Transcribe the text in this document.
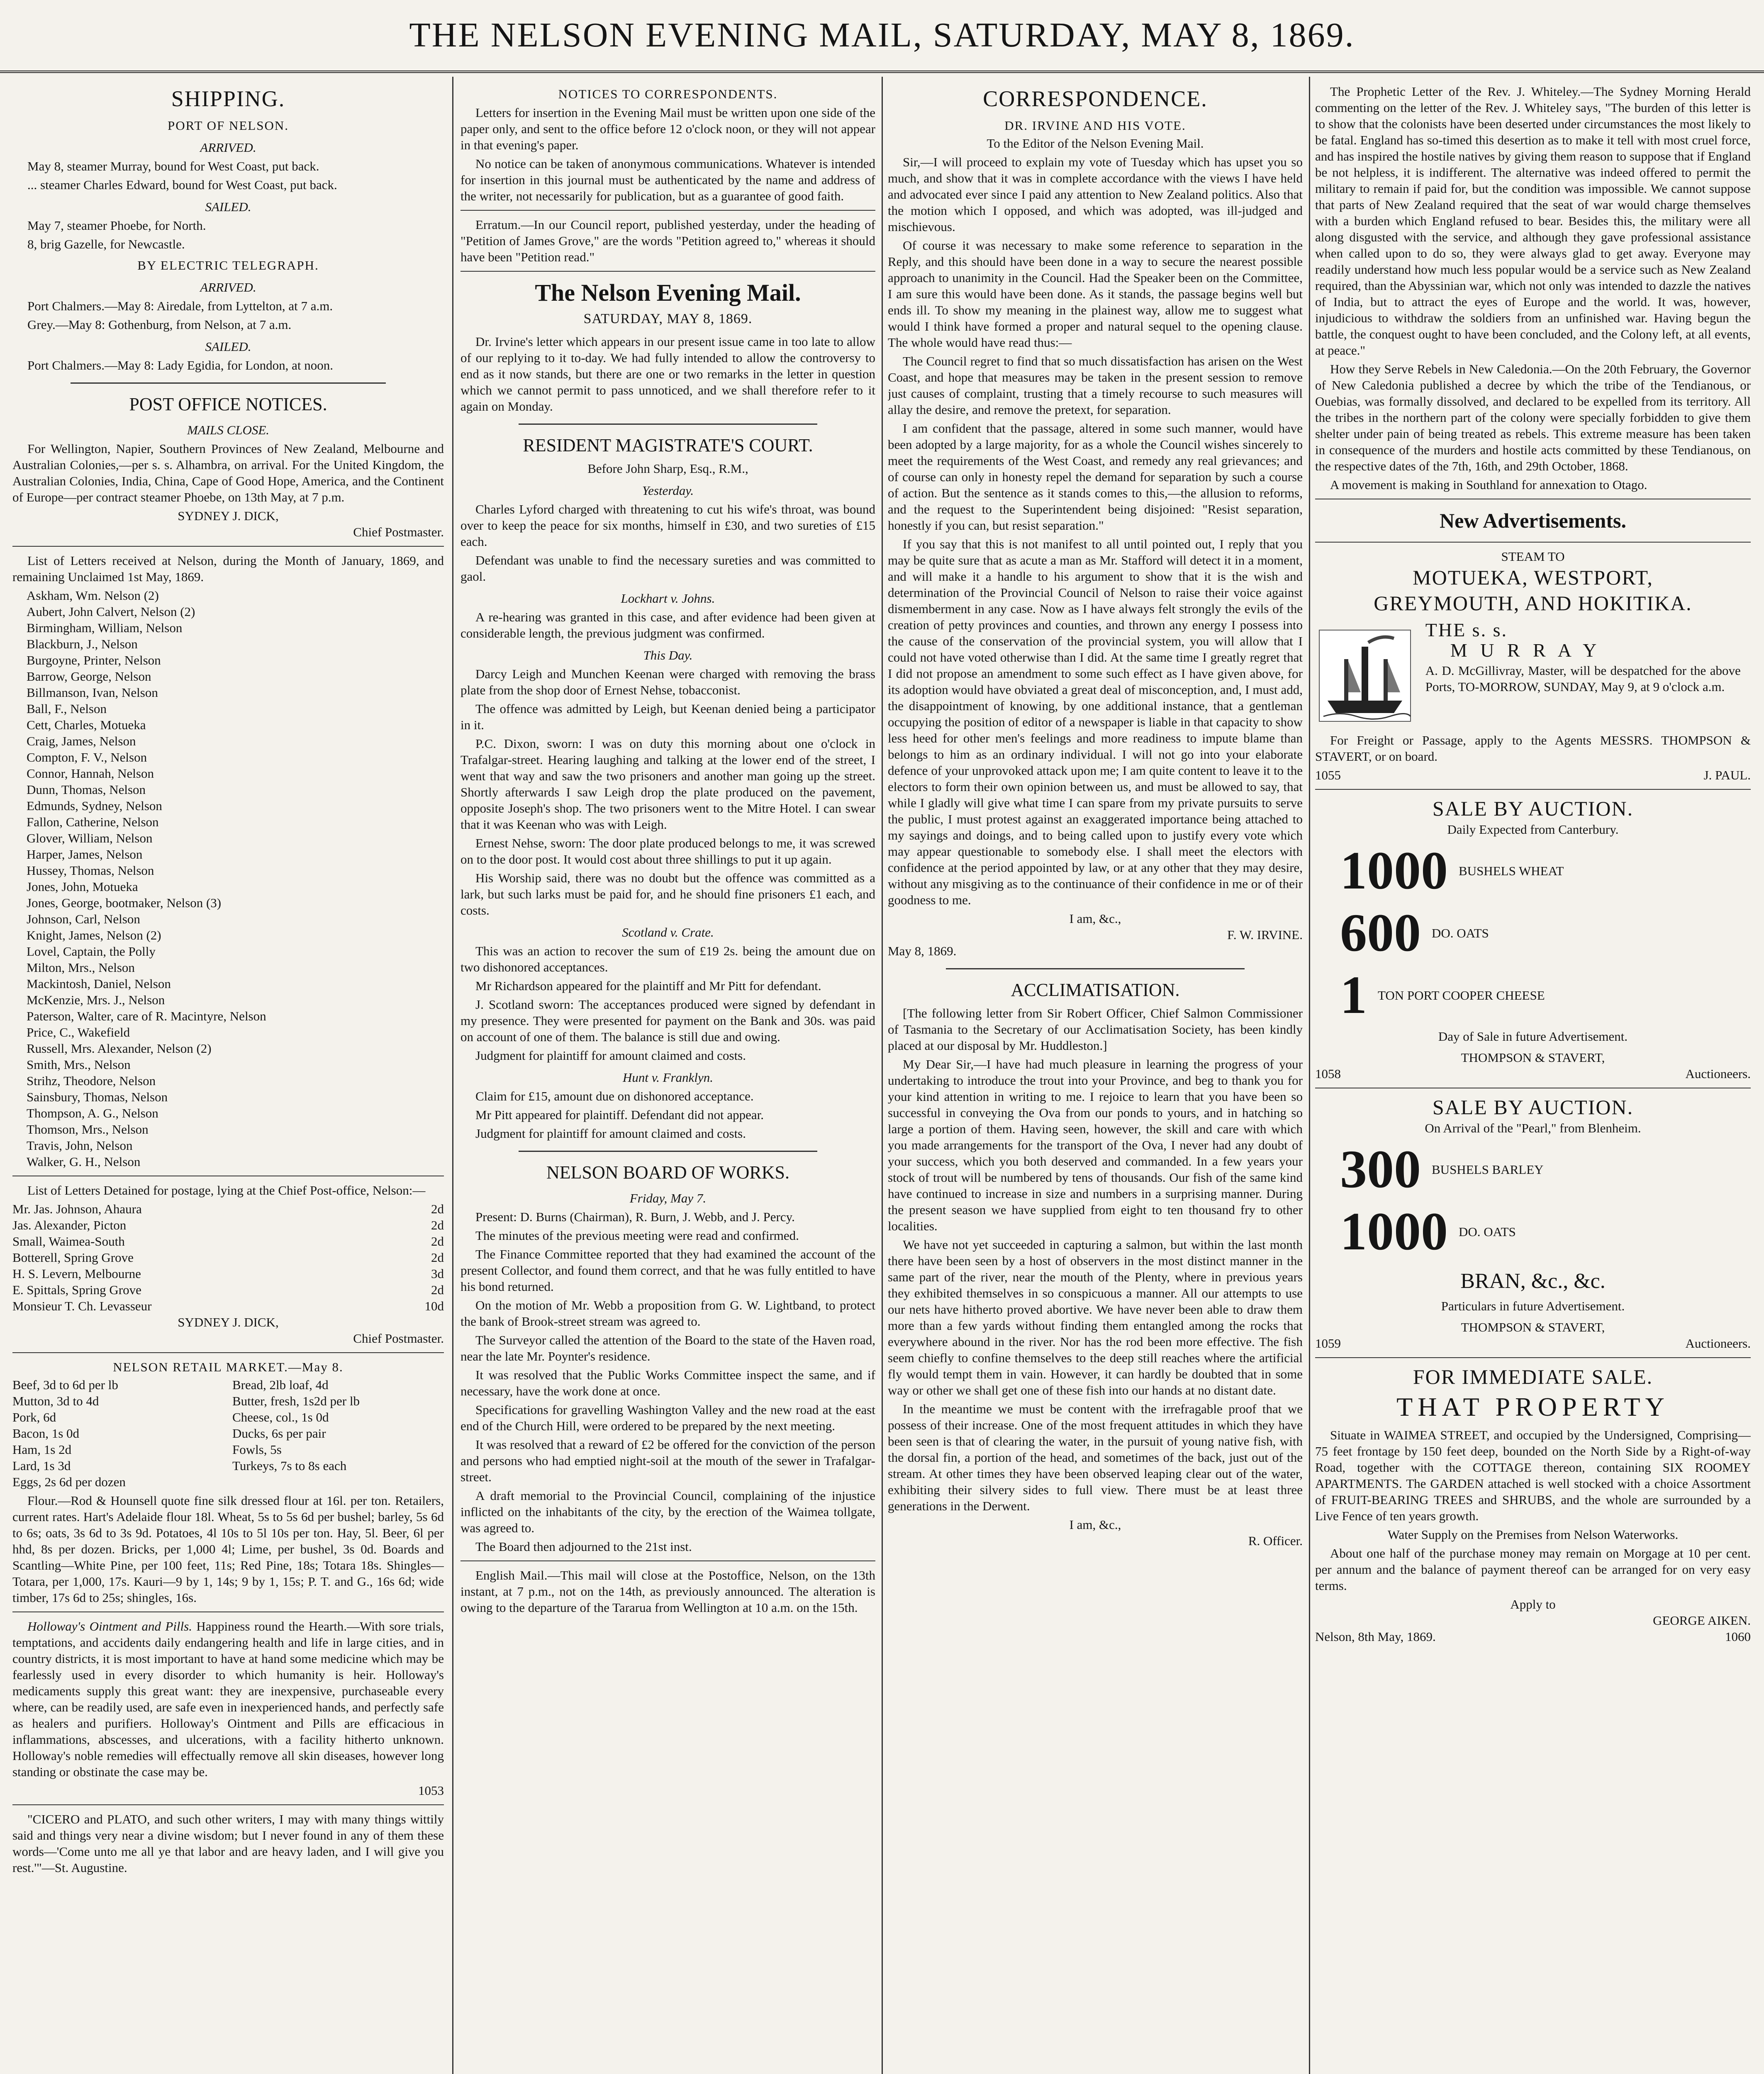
THE NELSON EVENING MAIL, SATURDAY, MAY 8, 1869.
SHIPPING.
PORT OF NELSON.
ARRIVED.

May 8, steamer Murray, bound for West Coast, put back.

... steamer Charles Edward, bound for West Coast, put back.

SAILED.

May 7, steamer Phoebe, for North.

8, brig Gazelle, for Newcastle.

BY ELECTRIC TELEGRAPH.
ARRIVED.

Port Chalmers.—May 8: Airedale, from Lyttelton, at 7 a.m.

Grey.—May 8: Gothenburg, from Nelson, at 7 a.m.

SAILED.

Port Chalmers.—May 8: Lady Egidia, for London, at noon.

POST OFFICE NOTICES.
MAILS CLOSE.

For Wellington, Napier, Southern Provinces of New Zealand, Melbourne and Australian Colonies,—per s. s. Alhambra, on arrival. For the United Kingdom, the Australian Colonies, India, China, Cape of Good Hope, America, and the Continent of Europe—per contract steamer Phoebe, on 13th May, at 7 p.m.

SYDNEY J. DICK,
Chief Postmaster.

List of Letters received at Nelson, during the Month of January, 1869, and remaining Unclaimed 1st May, 1869.

Askham, Wm. Nelson (2)
Aubert, John Calvert, Nelson (2)
Birmingham, William, Nelson
Blackburn, J., Nelson
Burgoyne, Printer, Nelson
Barrow, George, Nelson
Billmanson, Ivan, Nelson
Ball, F., Nelson
Cett, Charles, Motueka
Craig, James, Nelson
Compton, F. V., Nelson
Connor, Hannah, Nelson
Dunn, Thomas, Nelson
Edmunds, Sydney, Nelson
Fallon, Catherine, Nelson
Glover, William, Nelson
Harper, James, Nelson
Hussey, Thomas, Nelson
Jones, John, Motueka
Jones, George, bootmaker, Nelson (3)
Johnson, Carl, Nelson
Knight, James, Nelson (2)
Lovel, Captain, the Polly
Milton, Mrs., Nelson
Mackintosh, Daniel, Nelson
McKenzie, Mrs. J., Nelson
Paterson, Walter, care of R. Macintyre, Nelson
Price, C., Wakefield
Russell, Mrs. Alexander, Nelson (2)
Smith, Mrs., Nelson
Strihz, Theodore, Nelson
Sainsbury, Thomas, Nelson
Thompson, A. G., Nelson
Thomson, Mrs., Nelson
Travis, John, Nelson
Walker, G. H., Nelson

List of Letters Detained for postage, lying at the Chief Post-office, Nelson:—

Mr. Jas. Johnson, Ahaura	2d
Jas. Alexander, Picton	2d
Small, Waimea-South	2d
Botterell, Spring Grove	2d
H. S. Levern, Melbourne	3d
E. Spittals, Spring Grove	2d
Monsieur T. Ch. Levasseur	10d
SYDNEY J. DICK,
Chief Postmaster.
NELSON RETAIL MARKET.—May 8.
Beef, 3d to 6d per lb	Bread, 2lb loaf, 4d
Mutton, 3d to 4d	Butter, fresh, 1s2d per lb
Pork, 6d	Cheese, col., 1s 0d
Bacon, 1s 0d	Ducks, 6s per pair
Ham, 1s 2d	Fowls, 5s
Lard, 1s 3d	Turkeys, 7s to 8s each
Eggs, 2s 6d per dozen

Flour.—Rod & Hounsell quote fine silk dressed flour at 16l. per ton. Retailers, current rates. Hart's Adelaide flour 18l. Wheat, 5s to 5s 6d per bushel; barley, 5s 6d to 6s; oats, 3s 6d to 3s 9d. Potatoes, 4l 10s to 5l 10s per ton. Hay, 5l. Beer, 6l per hhd, 8s per dozen. Bricks, per 1,000 4l; Lime, per bushel, 3s 0d. Boards and Scantling—White Pine, per 100 feet, 11s; Red Pine, 18s; Totara 18s. Shingles—Totara, per 1,000, 17s. Kauri—9 by 1, 14s; 9 by 1, 15s; P. T. and G., 16s 6d; wide timber, 17s 6d to 25s; shingles, 16s.

Holloway's Ointment and Pills. Happiness round the Hearth.—With sore trials, temptations, and accidents daily endangering health and life in large cities, and in country districts, it is most important to have at hand some medicine which may be fearlessly used in every disorder to which humanity is heir. Holloway's medicaments supply this great want: they are inexpensive, purchaseable every where, can be readily used, are safe even in inexperienced hands, and perfectly safe as healers and purifiers. Holloway's Ointment and Pills are efficacious in inflammations, abscesses, and ulcerations, with a facility hitherto unknown. Holloway's noble remedies will effectually remove all skin diseases, however long standing or obstinate the case may be.

1053

"CICERO and PLATO, and such other writers, I may with many things wittily said and things very near a divine wisdom; but I never found in any of them these words—'Come unto me all ye that labor and are heavy laden, and I will give you rest.'"—St. Augustine.

NOTICES TO CORRESPONDENTS.

Letters for insertion in the Evening Mail must be written upon one side of the paper only, and sent to the office before 12 o'clock noon, or they will not appear in that evening's paper.

No notice can be taken of anonymous communications. Whatever is intended for insertion in this journal must be authenticated by the name and address of the writer, not necessarily for publication, but as a guarantee of good faith.

Erratum.—In our Council report, published yesterday, under the heading of "Petition of James Grove," are the words "Petition agreed to," whereas it should have been "Petition read."

The Nelson Evening Mail.
SATURDAY, MAY 8, 1869.

Dr. Irvine's letter which appears in our present issue came in too late to allow of our replying to it to-day. We had fully intended to allow the controversy to end as it now stands, but there are one or two remarks in the letter in question which we cannot permit to pass unnoticed, and we shall therefore refer to it again on Monday.

RESIDENT MAGISTRATE'S COURT.
Before John Sharp, Esq., R.M.,
Yesterday.

Charles Lyford charged with threatening to cut his wife's throat, was bound over to keep the peace for six months, himself in £30, and two sureties of £15 each.

Defendant was unable to find the necessary sureties and was committed to gaol.

Lockhart v. Johns.

A re-hearing was granted in this case, and after evidence had been given at considerable length, the previous judgment was confirmed.

This Day.

Darcy Leigh and Munchen Keenan were charged with removing the brass plate from the shop door of Ernest Nehse, tobacconist.

The offence was admitted by Leigh, but Keenan denied being a participator in it.

P.C. Dixon, sworn: I was on duty this morning about one o'clock in Trafalgar-street. Hearing laughing and talking at the lower end of the street, I went that way and saw the two prisoners and another man going up the street. Shortly afterwards I saw Leigh drop the plate produced on the pavement, opposite Joseph's shop. The two prisoners went to the Mitre Hotel. I can swear that it was Keenan who was with Leigh.

Ernest Nehse, sworn: The door plate produced belongs to me, it was screwed on to the door post. It would cost about three shillings to put it up again.

His Worship said, there was no doubt but the offence was committed as a lark, but such larks must be paid for, and he should fine prisoners £1 each, and costs.

Scotland v. Crate.

This was an action to recover the sum of £19 2s. being the amount due on two dishonored acceptances.

Mr Richardson appeared for the plaintiff and Mr Pitt for defendant.

J. Scotland sworn: The acceptances produced were signed by defendant in my presence. They were presented for payment on the Bank and 30s. was paid on account of one of them. The balance is still due and owing.

Judgment for plaintiff for amount claimed and costs.

Hunt v. Franklyn.

Claim for £15, amount due on dishonored acceptance.

Mr Pitt appeared for plaintiff. Defendant did not appear.

Judgment for plaintiff for amount claimed and costs.

NELSON BOARD OF WORKS.
Friday, May 7.

Present: D. Burns (Chairman), R. Burn, J. Webb, and J. Percy.

The minutes of the previous meeting were read and confirmed.

The Finance Committee reported that they had examined the account of the present Collector, and found them correct, and that he was fully entitled to have his bond returned.

On the motion of Mr. Webb a proposition from G. W. Lightband, to protect the bank of Brook-street stream was agreed to.

The Surveyor called the attention of the Board to the state of the Haven road, near the late Mr. Poynter's residence.

It was resolved that the Public Works Committee inspect the same, and if necessary, have the work done at once.

Specifications for gravelling Washington Valley and the new road at the east end of the Church Hill, were ordered to be prepared by the next meeting.

It was resolved that a reward of £2 be offered for the conviction of the person and persons who had emptied night-soil at the mouth of the sewer in Trafalgar-street.

A draft memorial to the Provincial Council, complaining of the injustice inflicted on the inhabitants of the city, by the erection of the Waimea tollgate, was agreed to.

The Board then adjourned to the 21st inst.

English Mail.—This mail will close at the Postoffice, Nelson, on the 13th instant, at 7 p.m., not on the 14th, as previously announced. The alteration is owing to the departure of the Tararua from Wellington at 10 a.m. on the 15th.

CORRESPONDENCE.
DR. IRVINE AND HIS VOTE.
To the Editor of the Nelson Evening Mail.

Sir,—I will proceed to explain my vote of Tuesday which has upset you so much, and show that it was in complete accordance with the views I have held and advocated ever since I paid any attention to New Zealand politics. Also that the motion which I opposed, and which was adopted, was ill-judged and mischievous.

Of course it was necessary to make some reference to separation in the Reply, and this should have been done in a way to secure the nearest possible approach to unanimity in the Council. Had the Speaker been on the Committee, I am sure this would have been done. As it stands, the passage begins well but ends ill. To show my meaning in the plainest way, allow me to suggest what would I think have formed a proper and natural sequel to the opening clause. The whole would have read thus:—

The Council regret to find that so much dissatisfaction has arisen on the West Coast, and hope that measures may be taken in the present session to remove just causes of complaint, trusting that a timely recourse to such measures will allay the desire, and remove the pretext, for separation.

I am confident that the passage, altered in some such manner, would have been adopted by a large majority, for as a whole the Council wishes sincerely to meet the requirements of the West Coast, and remedy any real grievances; and of course can only in honesty repel the demand for separation by such a course of action. But the sentence as it stands comes to this,—the allusion to reforms, and the request to the Superintendent being disjoined: "Resist separation, honestly if you can, but resist separation."

If you say that this is not manifest to all until pointed out, I reply that you may be quite sure that as acute a man as Mr. Stafford will detect it in a moment, and will make it a handle to his argument to show that it is the wish and determination of the Provincial Council of Nelson to raise their voice against dismemberment in any case. Now as I have always felt strongly the evils of the creation of petty provinces and counties, and thrown any energy I possess into the cause of the conservation of the provincial system, you will allow that I could not have voted otherwise than I did. At the same time I greatly regret that I did not propose an amendment to some such effect as I have given above, for its adoption would have obviated a great deal of misconception, and, I must add, the disappointment of knowing, by one additional instance, that a gentleman occupying the position of editor of a newspaper is liable in that capacity to show less heed for other men's feelings and more readiness to impute blame than belongs to him as an ordinary individual. I will not go into your elaborate defence of your unprovoked attack upon me; I am quite content to leave it to the electors to form their own opinion between us, and must be allowed to say, that while I gladly will give what time I can spare from my private pursuits to serve the public, I must protest against an exaggerated importance being attached to my sayings and doings, and to being called upon to justify every vote which may appear questionable to somebody else. I shall meet the electors with confidence at the period appointed by law, or at any other that they may desire, without any misgiving as to the continuance of their confidence in me or of their goodness to me.

I am, &c.,
F. W. IRVINE.
May 8, 1869.
ACCLIMATISATION.

[The following letter from Sir Robert Officer, Chief Salmon Commissioner of Tasmania to the Secretary of our Acclimatisation Society, has been kindly placed at our disposal by Mr. Huddleston.]

My Dear Sir,—I have had much pleasure in learning the progress of your undertaking to introduce the trout into your Province, and beg to thank you for your kind attention in writing to me. I rejoice to learn that you have been so successful in conveying the Ova from our ponds to yours, and in hatching so large a portion of them. Having seen, however, the skill and care with which you made arrangements for the transport of the Ova, I never had any doubt of your success, which you both deserved and commanded. In a few years your stock of trout will be numbered by tens of thousands. Our fish of the same kind have continued to increase in size and numbers in a surprising manner. During the present season we have supplied from eight to ten thousand fry to other localities.

We have not yet succeeded in capturing a salmon, but within the last month there have been seen by a host of observers in the most distinct manner in the same part of the river, near the mouth of the Plenty, where in previous years they exhibited themselves in so conspicuous a manner. All our attempts to use our nets have hitherto proved abortive. We have never been able to draw them more than a few yards without finding them entangled among the rocks that everywhere abound in the river. Nor has the rod been more effective. The fish seem chiefly to confine themselves to the deep still reaches where the artificial fly would tempt them in vain. However, it can hardly be doubted that in some way or other we shall get one of these fish into our hands at no distant date.

In the meantime we must be content with the irrefragable proof that we possess of their increase. One of the most frequent attitudes in which they have been seen is that of clearing the water, in the pursuit of young native fish, with the dorsal fin, a portion of the head, and sometimes of the back, just out of the stream. At other times they have been observed leaping clear out of the water, exhibiting their silvery sides to full view. There must be at least three generations in the Derwent.

I am, &c.,
R. Officer.

The Prophetic Letter of the Rev. J. Whiteley.—The Sydney Morning Herald commenting on the letter of the Rev. J. Whiteley says, "The burden of this letter is to show that the colonists have been deserted under circumstances the most likely to be fatal. England has so-timed this desertion as to make it tell with most cruel force, and has inspired the hostile natives by giving them reason to suppose that if England be not helpless, it is indifferent. The alternative was indeed offered to permit the military to remain if paid for, but the condition was impossible. We cannot suppose that parts of New Zealand required that the seat of war would charge themselves with a burden which England refused to bear. Besides this, the military were all along disgusted with the service, and although they gave professional assistance when called upon to do so, they were always glad to get away. Everyone may readily understand how much less popular would be a service such as New Zealand required, than the Abyssinian war, which not only was intended to dazzle the natives of India, but to attract the eyes of Europe and the world. It was, however, injudicious to withdraw the soldiers from an unfinished war. Having begun the battle, the conquest ought to have been concluded, and the Colony left, at all events, at peace."

How they Serve Rebels in New Caledonia.—On the 20th February, the Governor of New Caledonia published a decree by which the tribe of the Tendianous, or Ouebias, was formally dissolved, and declared to be expelled from its territory. All the tribes in the northern part of the colony were specially forbidden to give them shelter under pain of being treated as rebels. This extreme measure has been taken in consequence of the murders and hostile acts committed by these Tendianous, on the respective dates of the 7th, 16th, and 29th October, 1868.

A movement is making in Southland for annexation to Otago.

New Advertisements.
STEAM TO
MOTUEKA, WESTPORT,
GREYMOUTH, AND HOKITIKA.

THE s. s.
M U R R A Y
A. D. McGillivray, Master, will be despatched for the above Ports, TO-MORROW, SUNDAY, May 9, at 9 o'clock a.m.

For Freight or Passage, apply to the Agents MESSRS. THOMPSON & STAVERT, or on board.

1055	J. PAUL.
SALE BY AUCTION.
Daily Expected from Canterbury.
1000 BUSHELS WHEAT
600 DO. OATS
1 TON PORT COOPER CHEESE
Day of Sale in future Advertisement.
THOMPSON & STAVERT,
1058	Auctioneers.
SALE BY AUCTION.
On Arrival of the "Pearl," from Blenheim.
300 BUSHELS BARLEY
1000 DO. OATS
BRAN, &c., &c.
Particulars in future Advertisement.
THOMPSON & STAVERT,
1059	Auctioneers.
FOR IMMEDIATE SALE.
THAT PROPERTY

Situate in WAIMEA STREET, and occupied by the Undersigned, Comprising— 75 feet frontage by 150 feet deep, bounded on the North Side by a Right-of-way Road, together with the COTTAGE thereon, containing SIX ROOMEY APARTMENTS. The GARDEN attached is well stocked with a choice Assortment of FRUIT-BEARING TREES and SHRUBS, and the whole are surrounded by a Live Fence of ten years growth.

Water Supply on the Premises from Nelson Waterworks.

About one half of the purchase money may remain on Morgage at 10 per cent. per annum and the balance of payment thereof can be arranged for on very easy terms.

Apply to
GEORGE AIKEN.
Nelson, 8th May, 1869.	1060
